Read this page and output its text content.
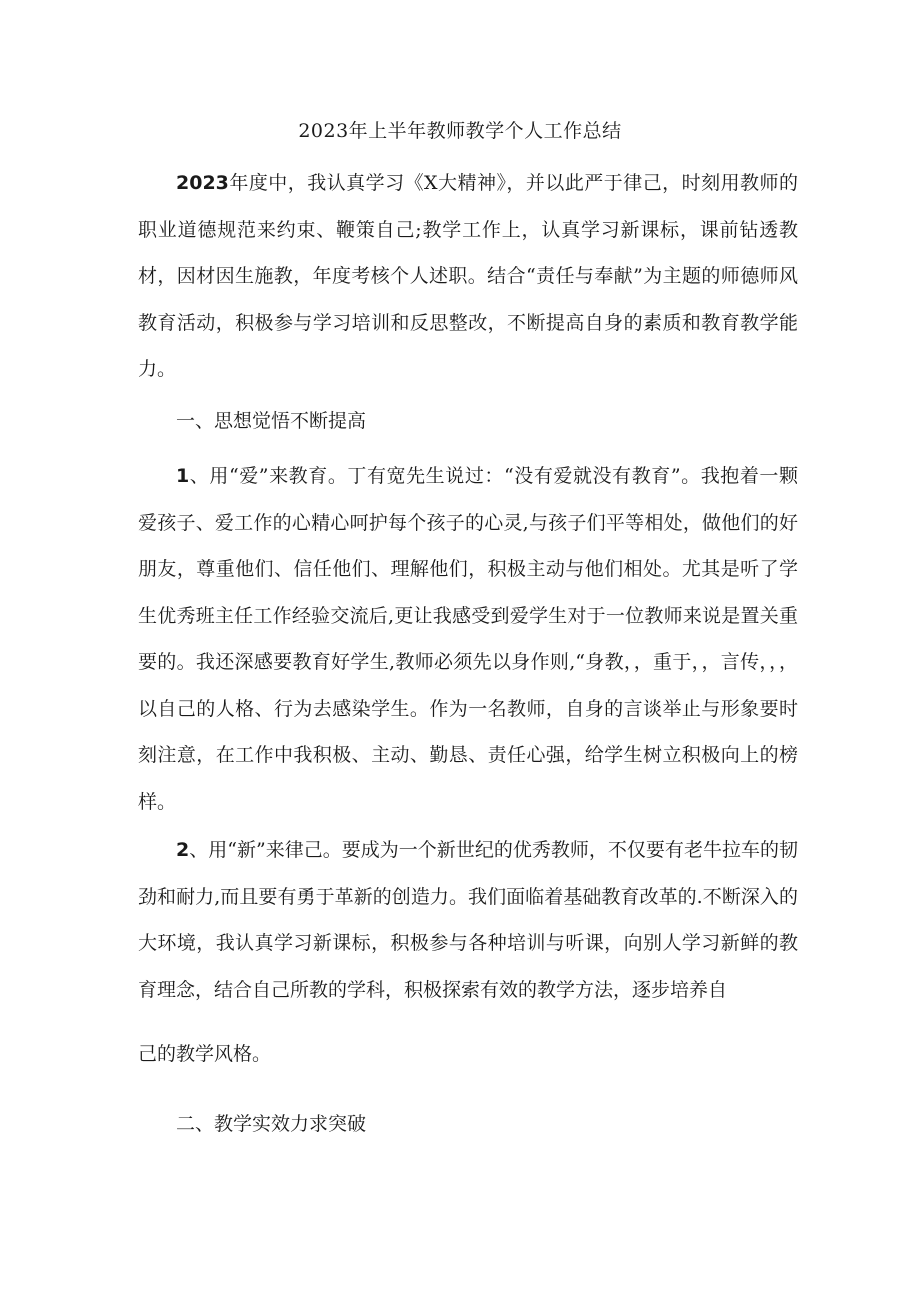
2023年上半年教师教学个人工作总结

2023年度中，我认真学习《X大精神》，并以此严于律己，时刻用教师的职业道德规范来约束、鞭策自己;教学工作上，认真学习新课标，课前钻透教材，因材因生施教，年度考核个人述职。结合“责任与奉献”为主题的师德师风教育活动，积极参与学习培训和反思整改，不断提高自身的素质和教育教学能力。

一、思想觉悟不断提高

1、用“爱”来教育。丁有宽先生说过：“没有爱就没有教育”。我抱着一颗爱孩子、爱工作的心精心呵护每个孩子的心灵,与孩子们平等相处，做他们的好朋友，尊重他们、信任他们、理解他们，积极主动与他们相处。尤其是听了学生优秀班主任工作经验交流后,更让我感受到爱学生对于一位教师来说是置关重要的。我还深感要教育好学生,教师必须先以身作则,“身教，，重于，，言传，，，以自己的人格、行为去感染学生。作为一名教师，自身的言谈举止与形象要时刻注意，在工作中我积极、主动、勤恳、责任心强，给学生树立积极向上的榜样。

2、用“新”来律己。要成为一个新世纪的优秀教师，不仅要有老牛拉车的韧劲和耐力,而且要有勇于革新的创造力。我们面临着基础教育改革的.不断深入的大环境，我认真学习新课标，积极参与各种培训与听课，向别人学习新鲜的教育理念，结合自己所教的学科，积极探索有效的教学方法，逐步培养自

己的教学风格。

二、教学实效力求突破
